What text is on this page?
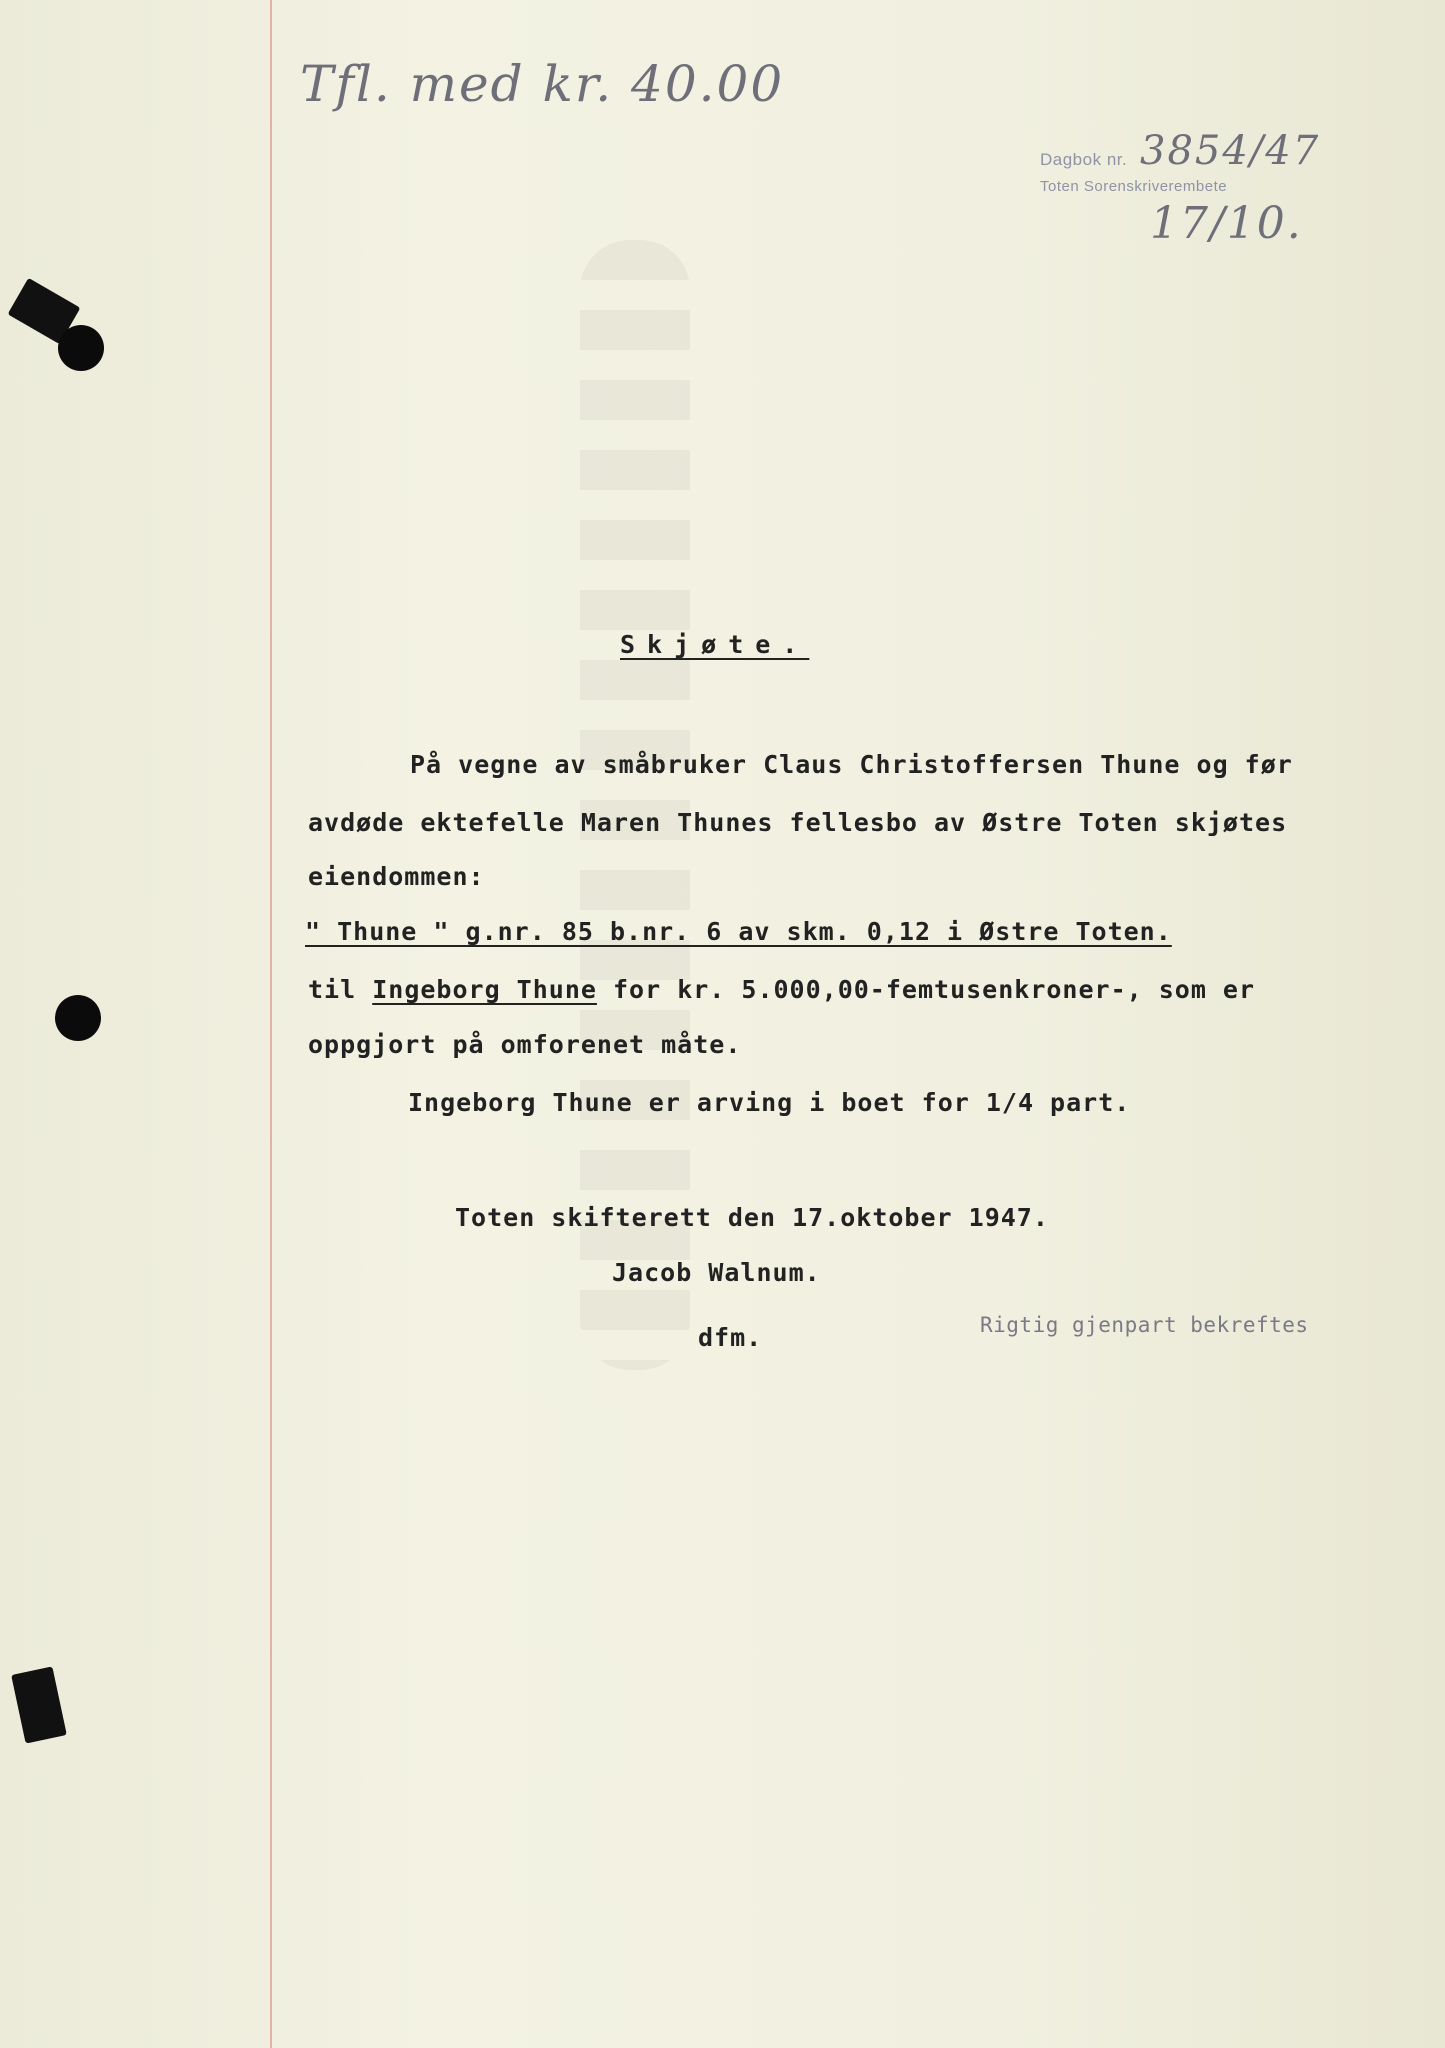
Tfl. med kr. 40.00
Dagbok nr. 3854/47
Toten Sorenskriverembete
17/10.
Skjøte.
På vegne av småbruker Claus Christoffersen Thune og før
avdøde ektefelle Maren Thunes fellesbo av Østre Toten skjøtes
eiendommen:
" Thune " g.nr. 85 b.nr. 6 av skm. 0,12 i Østre Toten.
til Ingeborg Thune for kr. 5.000,00-femtusenkroner-, som er
oppgjort på omforenet måte.
Ingeborg Thune er arving i boet for 1/4 part.
Toten skifterett den 17.oktober 1947.
Jacob Walnum.
dfm.	Rigtig gjenpart bekreftes
